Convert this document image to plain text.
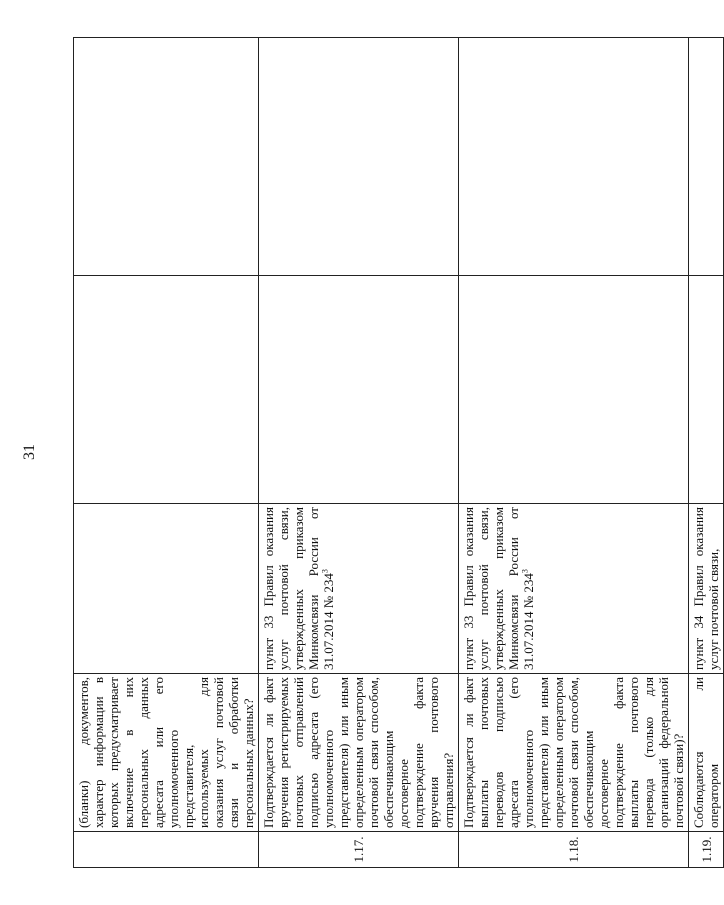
31
	(бланки) документов, характер информации в которых предусматривает включение в них персональных данных адресата или его уполномоченного представителя, используемых для оказания услуг почтовой связи и обработки персональных данных?			
1.17.	Подтверждается ли факт вручения регистрируемых почтовых отправлений подписью адресата (его уполномоченного представителя) или иным определенным оператором почтовой связи способом, обеспечивающим достоверное подтверждение факта вручения почтового отправления?	пункт 33 Правил оказания услуг почтовой связи, утвержденных приказом Минкомсвязи России от 31.07.2014 № $234^3$		
1.18.	Подтверждается ли факт выплаты почтовых переводов подписью адресата (его уполномоченного представителя) или иным определенным оператором почтовой связи способом, обеспечивающим достоверное подтверждение факта выплаты почтового перевода (только для организаций федеральной почтовой связи)?	пункт 33 Правил оказания услуг почтовой связи, утвержденных приказом Минкомсвязи России от 31.07.2014 № $234^3$		
1.19.	Соблюдаются ли оператором	пункт 34 Правил оказания услуг почтовой связи,		
